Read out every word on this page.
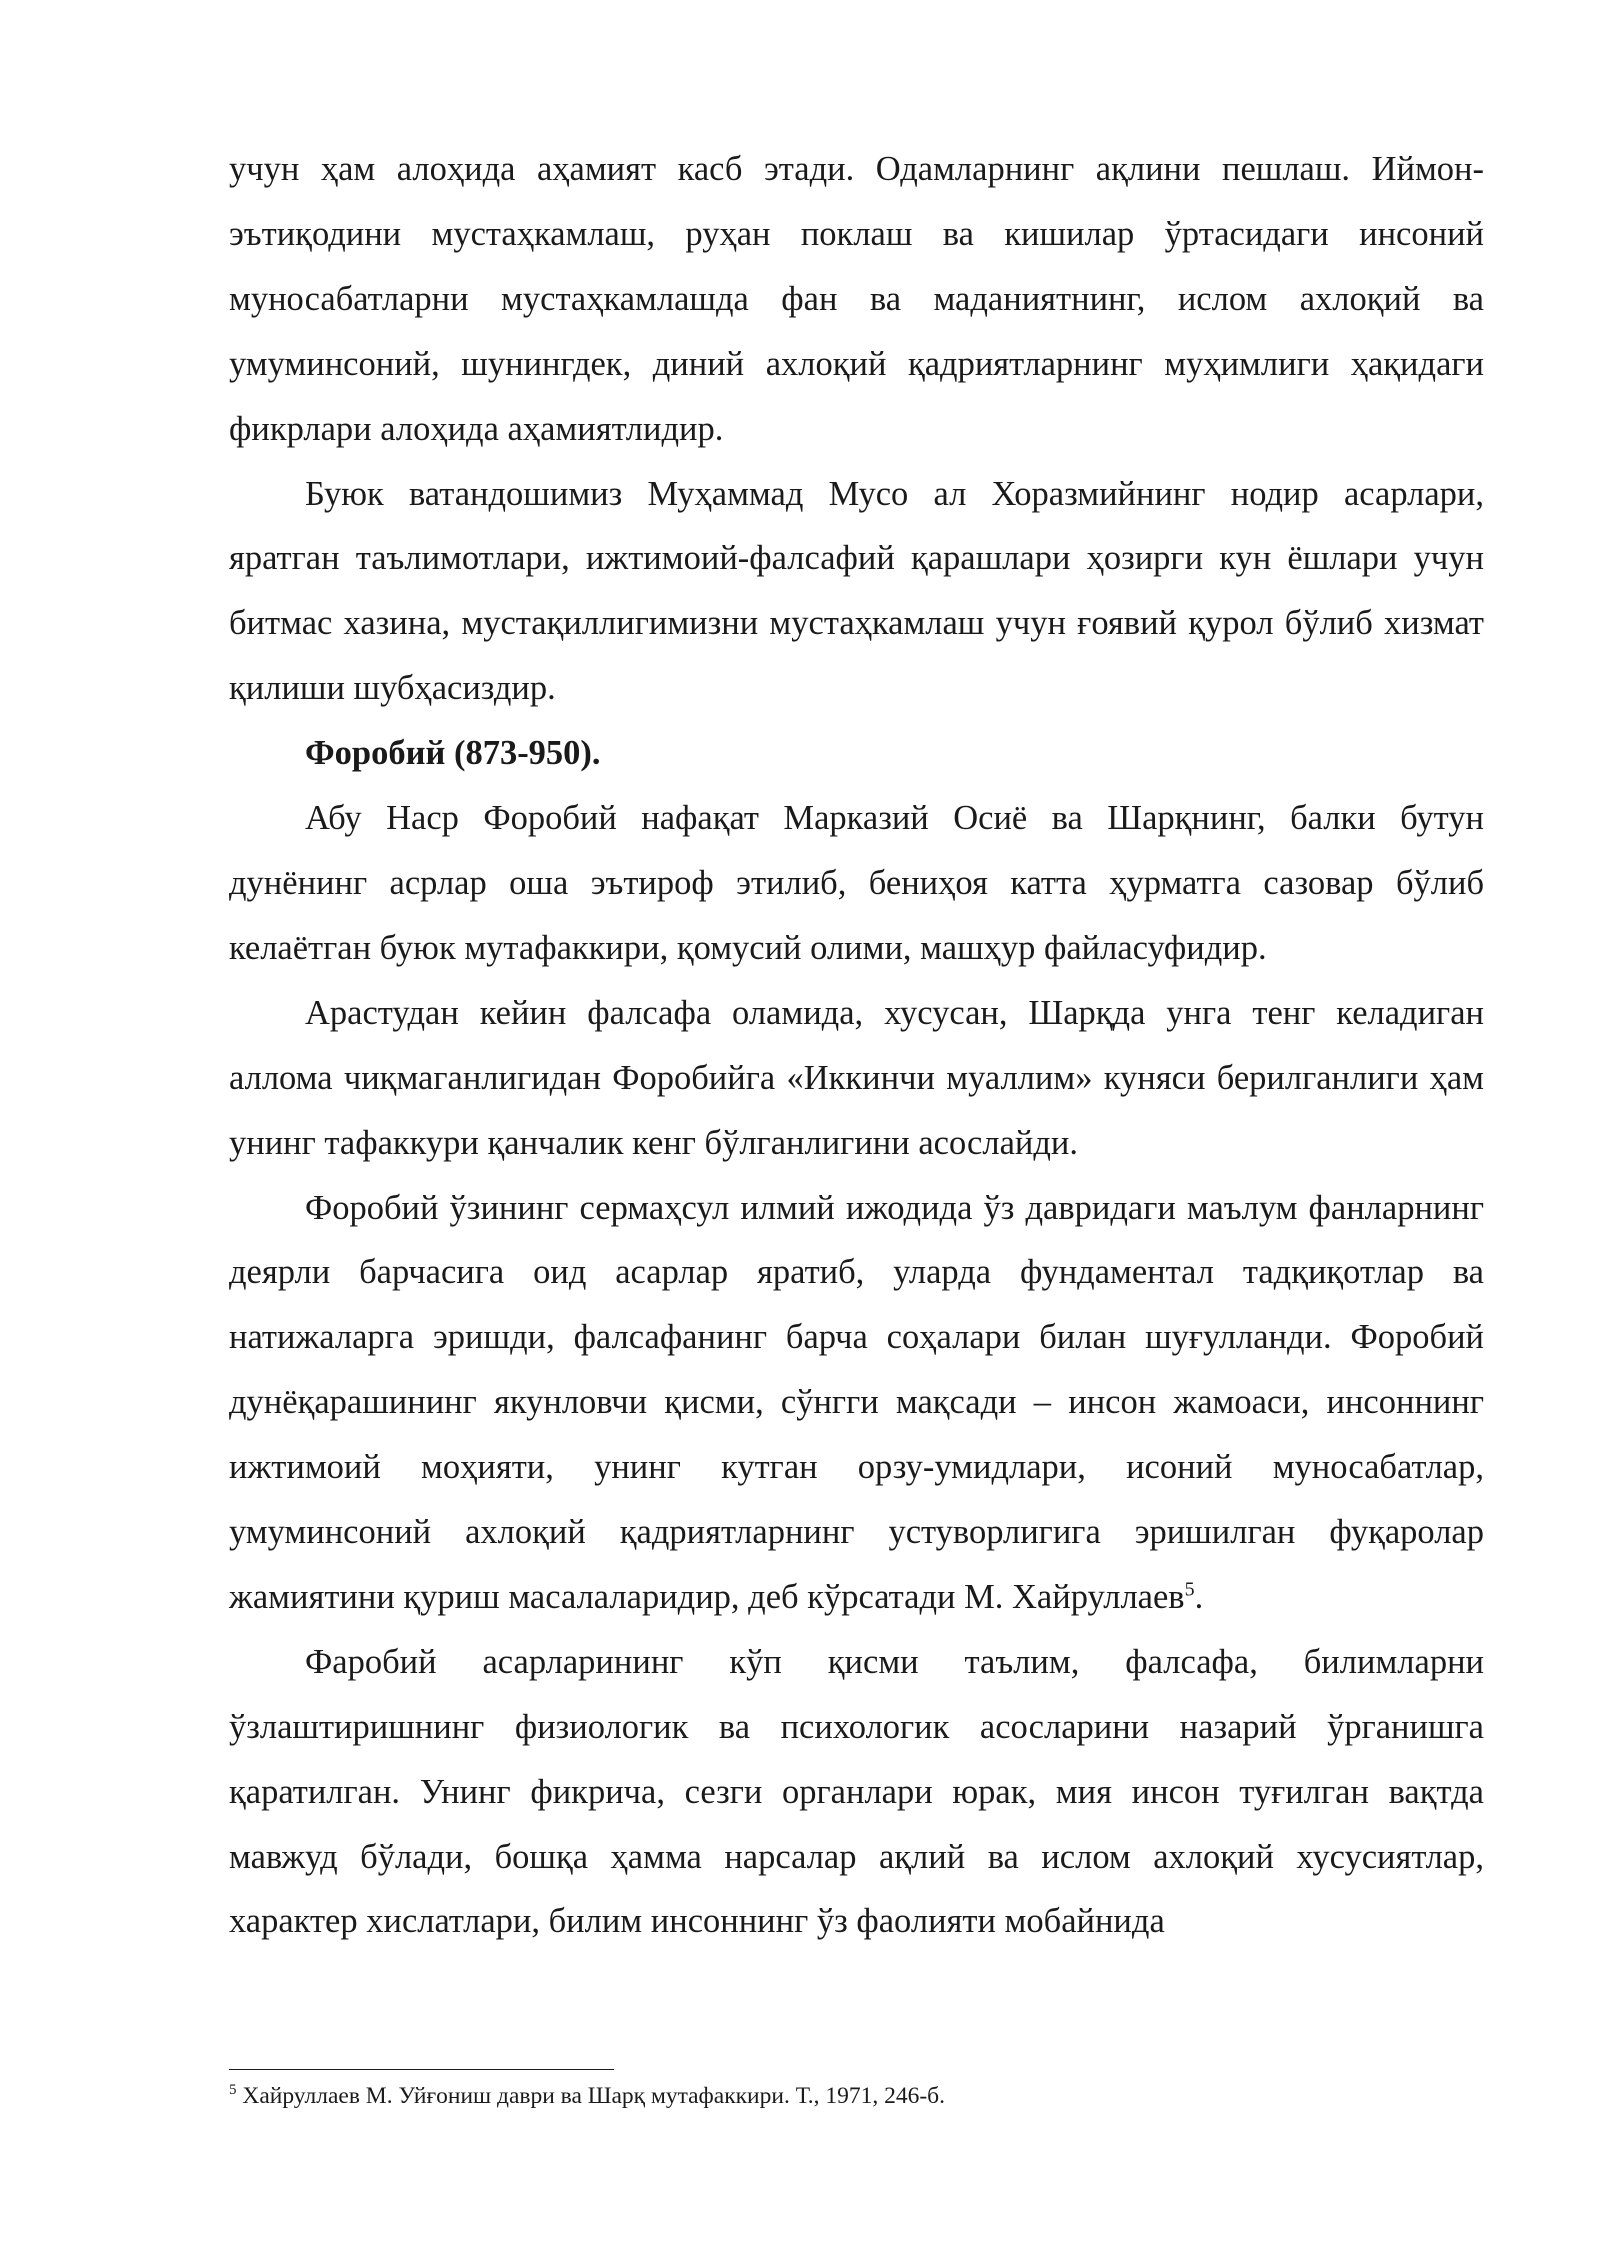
учун ҳам алоҳида аҳамият касб этади. Одамларнинг ақлини пешлаш. Иймон-эътиқодини мустаҳкамлаш, руҳан поклаш ва кишилар ўртасидаги инсоний муносабатларни мустаҳкамлашда фан ва маданиятнинг, ислом ахлоқий ва умуминсоний, шунингдек, диний ахлоқий қадриятларнинг муҳимлиги ҳақидаги фикрлари алоҳида аҳамиятлидир.

Буюк ватандошимиз Муҳаммад Мусо ал Хоразмийнинг нодир асарлари, яратган таълимотлари, ижтимоий-фалсафий қарашлари ҳозирги кун ёшлари учун битмас хазина, мустақиллигимизни мустаҳкамлаш учун ғоявий қурол бўлиб хизмат қилиши шубҳасиздир.

Форобий (873-950).

Абу Наср Форобий нафақат Марказий Осиё ва Шарқнинг, балки бутун дунёнинг асрлар оша эътироф этилиб, бениҳоя катта ҳурматга сазовар бўлиб келаётган буюк мутафаккири, қомусий олими, машҳур файласуфидир.

Арастудан кейин фалсафа оламида, хусусан, Шарқда унга тенг келадиган аллома чиқмаганлигидан Форобийга «Иккинчи муаллим» куняси берилганлиги ҳам унинг тафаккури қанчалик кенг бўлганлигини асослайди.

Форобий ўзининг сермаҳсул илмий ижодида ўз давридаги маълум фанларнинг деярли барчасига оид асарлар яратиб, уларда фундаментал тадқиқотлар ва натижаларга эришди, фалсафанинг барча соҳалари билан шуғулланди. Форобий дунёқарашининг якунловчи қисми, сўнгги мақсади – инсон жамоаси, инсоннинг ижтимоий моҳияти, унинг кутган орзу-умидлари, исоний муносабатлар, умуминсоний ахлоқий қадриятларнинг устуворлигига эришилган фуқаролар жамиятини қуриш масалаларидир, деб кўрсатади М. Хайруллаев$^5$.

Фаробий асарларининг кўп қисми таълим, фалсафа, билимларни ўзлаштиришнинг физиологик ва психологик асосларини назарий ўрганишга қаратилган. Унинг фикрича, сезги органлари юрак, мия инсон туғилган вақтда мавжуд бўлади, бошқа ҳамма нарсалар ақлий ва ислом ахлоқий хусусиятлар, характер хислатлари, билим инсоннинг ўз фаолияти мобайнида

$^5$ Хайруллаев М. Уйғониш даври ва Шарқ мутафаккири. Т., 1971, 246-б.
